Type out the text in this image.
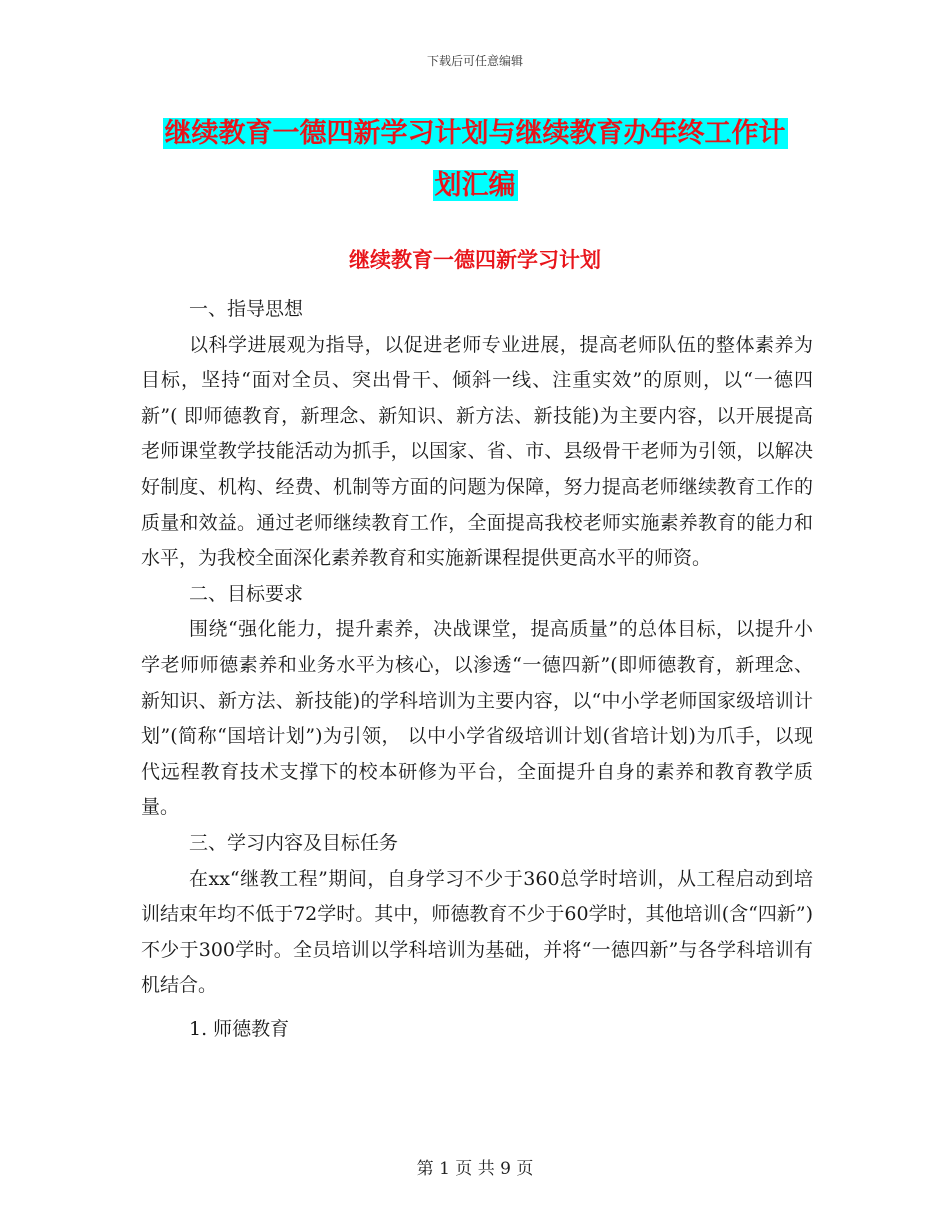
下载后可任意编辑
继续教育一德四新学习计划与继续教育办年终工作计
划汇编
继续教育一德四新学习计划

一、指导思想

以科学进展观为指导，以促进老师专业进展，提高老师队伍的整体素养为目标，坚持“面对全员、突出骨干、倾斜一线、注重实效”的原则，以“一德四新”( 即师德教育，新理念、新知识、新方法、新技能)为主要内容，以开展提高老师课堂教学技能活动为抓手，以国家、省、市、县级骨干老师为引领，以解决好制度、机构、经费、机制等方面的问题为保障，努力提高老师继续教育工作的质量和效益。通过老师继续教育工作，全面提高我校老师实施素养教育的能力和水平，为我校全面深化素养教育和实施新课程提供更高水平的师资。

二、目标要求

围绕“强化能力，提升素养，决战课堂，提高质量”的总体目标，以提升小学老师师德素养和业务水平为核心，以渗透“一德四新”(即师德教育，新理念、新知识、新方法、新技能)的学科培训为主要内容，以“中小学老师国家级培训计划”(简称“国培计划”)为引领， 以中小学省级培训计划(省培计划)为爪手，以现代远程教育技术支撑下的校本研修为平台，全面提升自身的素养和教育教学质量。

三、学习内容及目标任务

在xx“继教工程”期间，自身学习不少于360总学时培训，从工程启动到培训结束年均不低于72学时。其中，师德教育不少于60学时，其他培训(含“四新”)不少于300学时。全员培训以学科培训为基础，并将“一德四新”与各学科培训有机结合。

1. 师德教育

第 1 页 共 9 页
